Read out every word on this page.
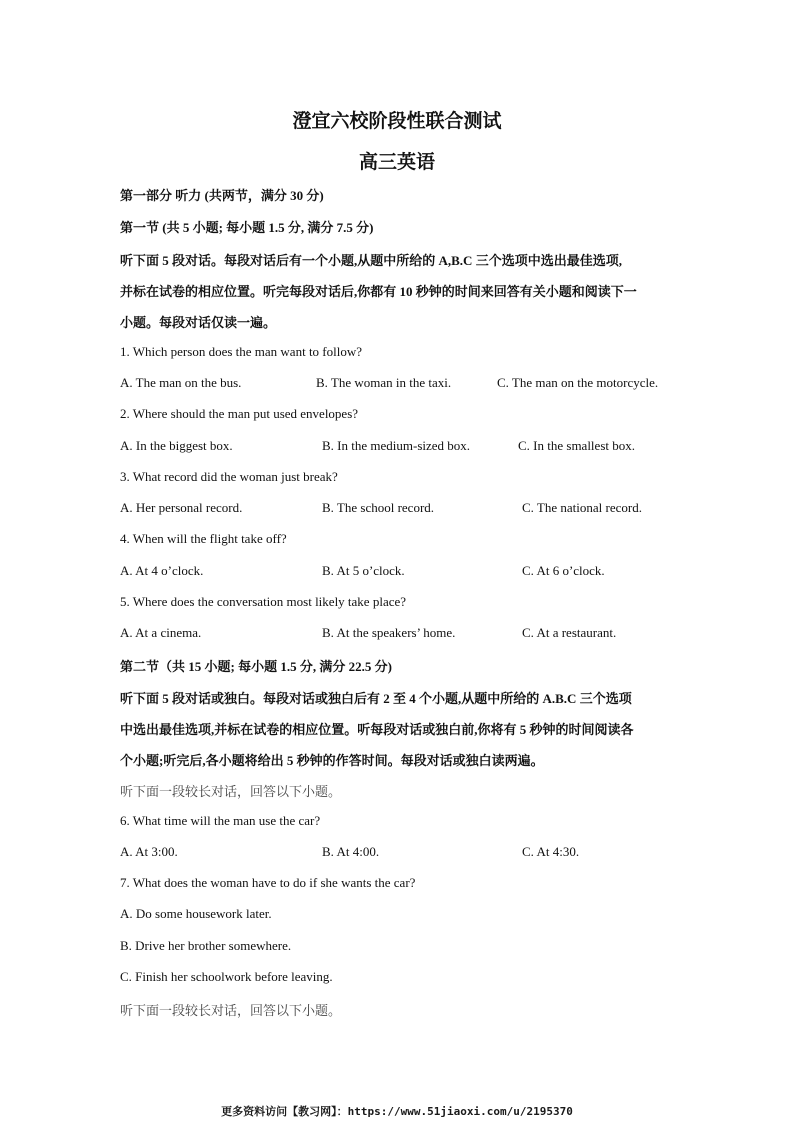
澄宜六校阶段性联合测试
高三英语
第一部分 听力 (共两节，满分 30 分)
第一节 (共 5 小题; 每小题 1.5 分, 满分 7.5 分)
听下面 5 段对话。每段对话后有一个小题,从题中所给的 A,B.C 三个选项中选出最佳选项,
并标在试卷的相应位置。听完每段对话后,你都有 10 秒钟的时间来回答有关小题和阅读下一
小题。每段对话仅读一遍。
1. Which person does the man want to follow?
A. The man on the bus.	B. The woman in the taxi.	C. The man on the motorcycle.
2. Where should the man put used envelopes?
A. In the biggest box.	B. In the medium-sized box.	C. In the smallest box.
3. What record did the woman just break?
A. Her personal record.	B. The school record.	C. The national record.
4. When will the flight take off?
A. At 4 o’clock.	B. At 5 o’clock.	C. At 6 o’clock.
5. Where does the conversation most likely take place?
A. At a cinema.	B. At the speakers’ home.	C. At a restaurant.
第二节（共 15 小题; 每小题 1.5 分, 满分 22.5 分)
听下面 5 段对话或独白。每段对话或独白后有 2 至 4 个小题,从题中所给的 A.B.C 三个选项
中选出最佳选项,并标在试卷的相应位置。听每段对话或独白前,你将有 5 秒钟的时间阅读各
个小题;听完后,各小题将给出 5 秒钟的作答时间。每段对话或独白读两遍。
听下面一段较长对话，回答以下小题。
6. What time will the man use the car?
A. At 3:00.	B. At 4:00.	C. At 4:30.
7. What does the woman have to do if she wants the car?
A. Do some housework later.
B. Drive her brother somewhere.
C. Finish her schoolwork before leaving.
听下面一段较长对话，回答以下小题。
更多资料访问【教习网】：https://www.51jiaoxi.com/u/2195370
